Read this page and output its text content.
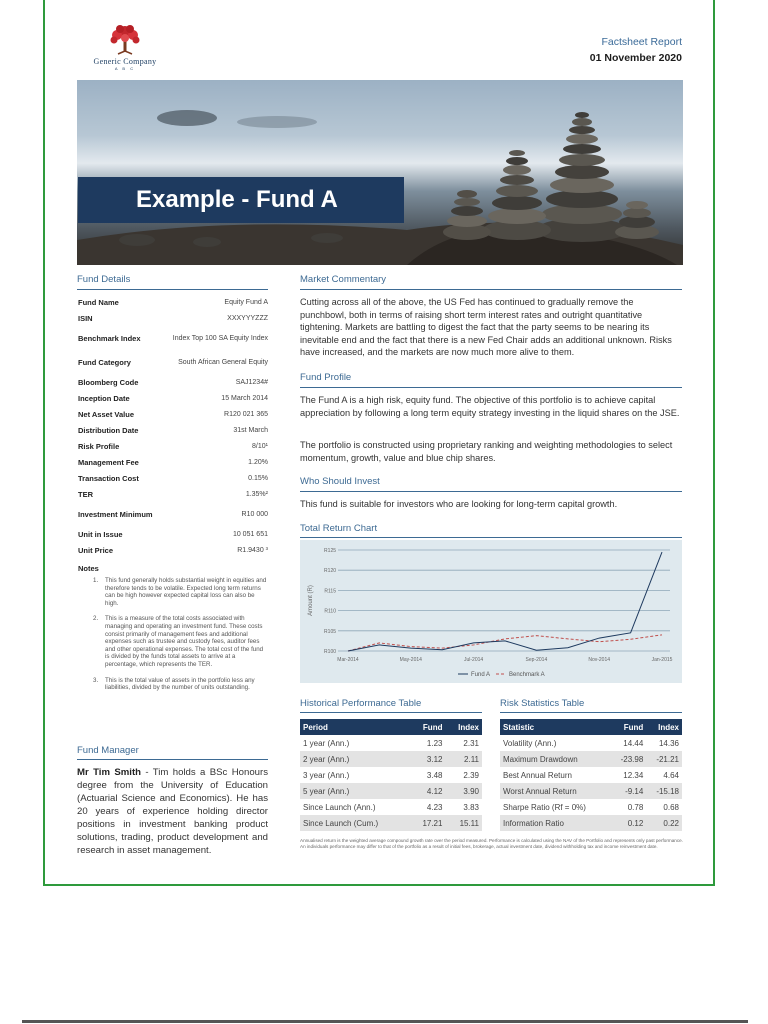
Generic Company
A B C
Factsheet Report
01 November 2020
Example - Fund A
Fund Details
Fund Name	Equity Fund A
ISIN	XXXYYYZZZ
Benchmark Index	Index Top 100 SA Equity Index
Fund Category	South African General Equity
Bloomberg Code	SAJ1234#
Inception Date	15 March 2014
Net Asset Value	R120 021 365
Distribution Date	31st March
Risk Profile	8/10¹
Management Fee	1.20%
Transaction Cost	0.15%
TER	1.35%²
Investment Minimum	R10 000
Unit in Issue	10 051 651
Unit Price	R1.9430 ³
Notes
1.	This fund generally holds substantial weight in equities and therefore tends to be volatile. Expected long term returns can be high however expected capital loss can also be high.
2.	This is a measure of the total costs associated with managing and operating an investment fund. These costs consist primarily of management fees and additional expenses such as trustee and custody fees, auditor fees and other operational expenses. The total cost of the fund is divided by the funds total assets to arrive at a percentage, which represents the TER.
3.	This is the total value of assets in the portfolio less any liabilities, divided by the number of units outstanding.
Fund Manager
Mr Tim Smith - Tim holds a BSc Honours degree from the University of Education (Actuarial Science and Economics). He has 20 years of experience holding director positions in investment banking product solutions, trading, product development and research in asset management.
Market Commentary
Cutting across all of the above, the US Fed has continued to gradually remove the punchbowl, both in terms of raising short term interest rates and outright quantitative tightening. Markets are battling to digest the fact that the party seems to be nearing its inevitable end and the fact that there is a new Fed Chair adds an additional unknown. Risks have increased, and the markets are now much more alive to them.
Fund Profile
The Fund A is a high risk, equity fund. The objective of this portfolio is to achieve capital appreciation by following a long term equity strategy investing in the liquid shares on the JSE.
The portfolio is constructed using proprietary ranking and weighting methodologies to select momentum, growth, value and blue chip shares.
Who Should Invest
This fund is suitable for investors who are looking for long-term capital growth.
Total Return Chart
R100
R105
R110
R115
R120
R125
Amount (R)
Mar-2014	May-2014	Jul-2014	Sep-2014	Nov-2014	Jan-2015
Fund A	Benchmark A
Historical Performance Table
Period	Fund	Index
1 year (Ann.)	1.23	2.31
2 year (Ann.)	3.12	2.11
3 year (Ann.)	3.48	2.39
5 year (Ann.)	4.12	3.90
Since Launch (Ann.)	4.23	3.83
Since Launch (Cum.)	17.21	15.11
Risk Statistics Table
Statistic	Fund	Index
Volatility (Ann.)	14.44	14.36
Maximum Drawdown	-23.98	-21.21
Best Annual Return	12.34	4.64
Worst Annual Return	-9.14	-15.18
Sharpe Ratio (Rf = 0%)	0.78	0.68
Information Ratio	0.12	0.22
Annualised return is the weighted average compound growth rate over the period measured. Performance is calculated using the NAV of the Portfolio and represents only past performance. An individuals performance may differ to that of the portfolio as a result of initial fees, brokerage, actual investment date, dividend withholding tax and income reinvestment date.
